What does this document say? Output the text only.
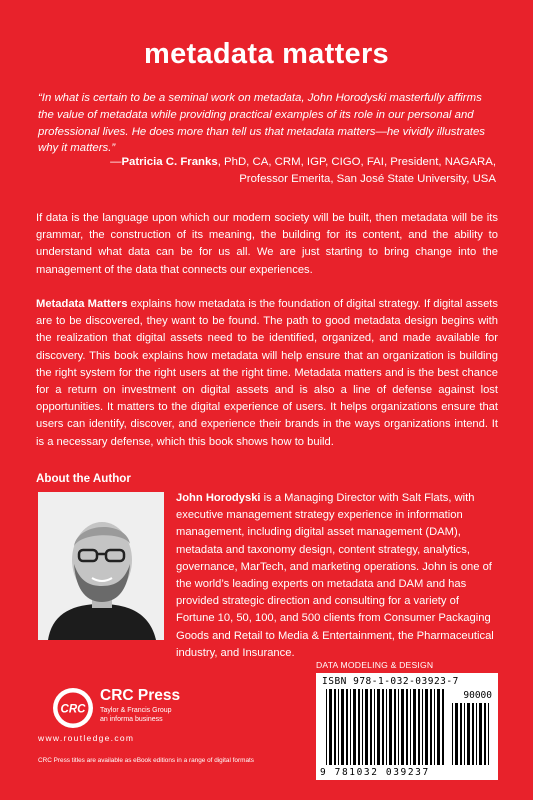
metadata matters
“In what is certain to be a seminal work on metadata, John Horodyski masterfully affirms the value of metadata while providing practical examples of its role in our personal and professional lives. He does more than tell us that metadata matters—he vividly illustrates why it matters.”
—Patricia C. Franks, PhD, CA, CRM, IGP, CIGO, FAI, President, NAGARA,
Professor Emerita, San José State University, USA
If data is the language upon which our modern society will be built, then metadata will be its grammar, the construction of its meaning, the building for its content, and the ability to understand what data can be for us all. We are just starting to bring change into the management of the data that connects our experiences.
Metadata Matters explains how metadata is the foundation of digital strategy. If digital assets are to be discovered, they want to be found. The path to good metadata design begins with the realization that digital assets need to be identified, organized, and made available for discovery. This book explains how metadata will help ensure that an organization is building the right system for the right users at the right time. Metadata matters and is the best chance for a return on investment on digital assets and is also a line of defense against lost opportunities. It matters to the digital experience of users. It helps organizations ensure that users can identify, discover, and experience their brands in the ways organizations intend. It is a necessary defense, which this book shows how to build.
About the Author
John Horodyski is a Managing Director with Salt Flats, with executive management strategy experience in information management, including digital asset management (DAM), metadata and taxonomy design, content strategy, analytics, governance, MarTech, and marketing operations. John is one of the world’s leading experts on metadata and DAM and has provided strategic direction and consulting for a variety of Fortune 10, 50, 100, and 500 clients from Consumer Packaging Goods and Retail to Media & Entertainment, the Pharmaceutical industry, and Insurance.
CRC
CRC Press
Taylor & Francis Group
an informa business
www.routledge.com
CRC Press titles are available as eBook editions in a range of digital formats
DATA MODELING & DESIGN
ISBN 978-1-032-03923-7
90000
9 781032 039237
